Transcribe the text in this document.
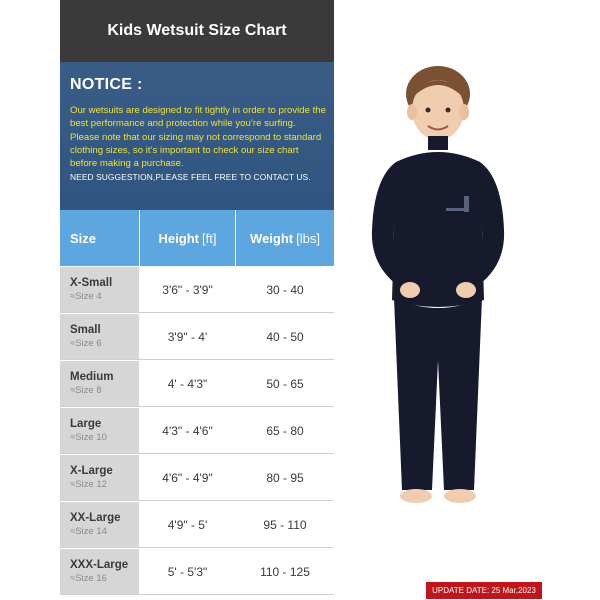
Kids Wetsuit Size Chart
NOTICE :
Our wetsuits are designed to fit tightly in order to provide the best performance and protection while you’re surfing. Please note that our sizing may not correspond to standard clothing sizes, so it’s important to check our size chart before making a purchase.
NEED SUGGESTION,PLEASE FEEL FREE TO CONTACT US.
Size	Height [ft]	Weight [lbs]
X-Small
≈Size 4	3'6" - 3'9"	30 - 40
Small
≈Size 6	3'9" - 4'	40 - 50
Medium
≈Size 8	4' - 4'3"	50 - 65
Large
≈Size 10	4'3" - 4'6"	65 - 80
X-Large
≈Size 12	4'6" - 4'9"	80 - 95
XX-Large
≈Size 14	4'9" - 5'	95 - 110
XXX-Large
≈Size 16	5' - 5'3"	110 - 125
UPDATE DATE: 25 Mar,2023
